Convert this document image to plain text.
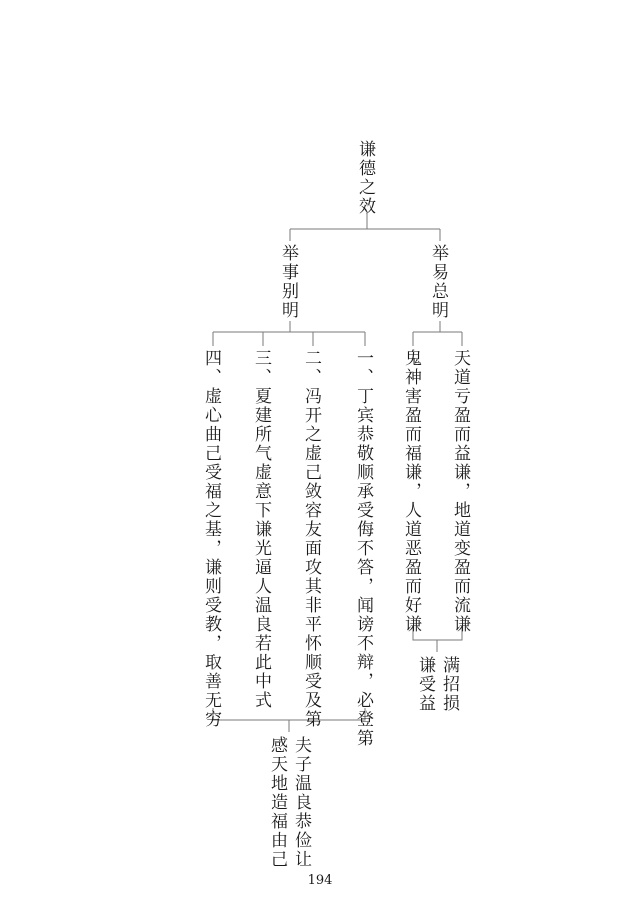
谦德之效
举事别明	举易总明
一、丁宾恭敬顺承受侮不答，闻谤不辩，必登第
二、冯开之虚己敛容友面攻其非平怀顺受及第
三、夏建所气虚意下谦光逼人温良若此中式
四、虚心曲己受福之基，谦则受教，取善无穷	天道亏盈而益谦，地道变盈而流谦
鬼神害盈而福谦，人道恶盈而好谦
夫子温良恭俭让
感天地造福由己
满招损
谦受益
194
